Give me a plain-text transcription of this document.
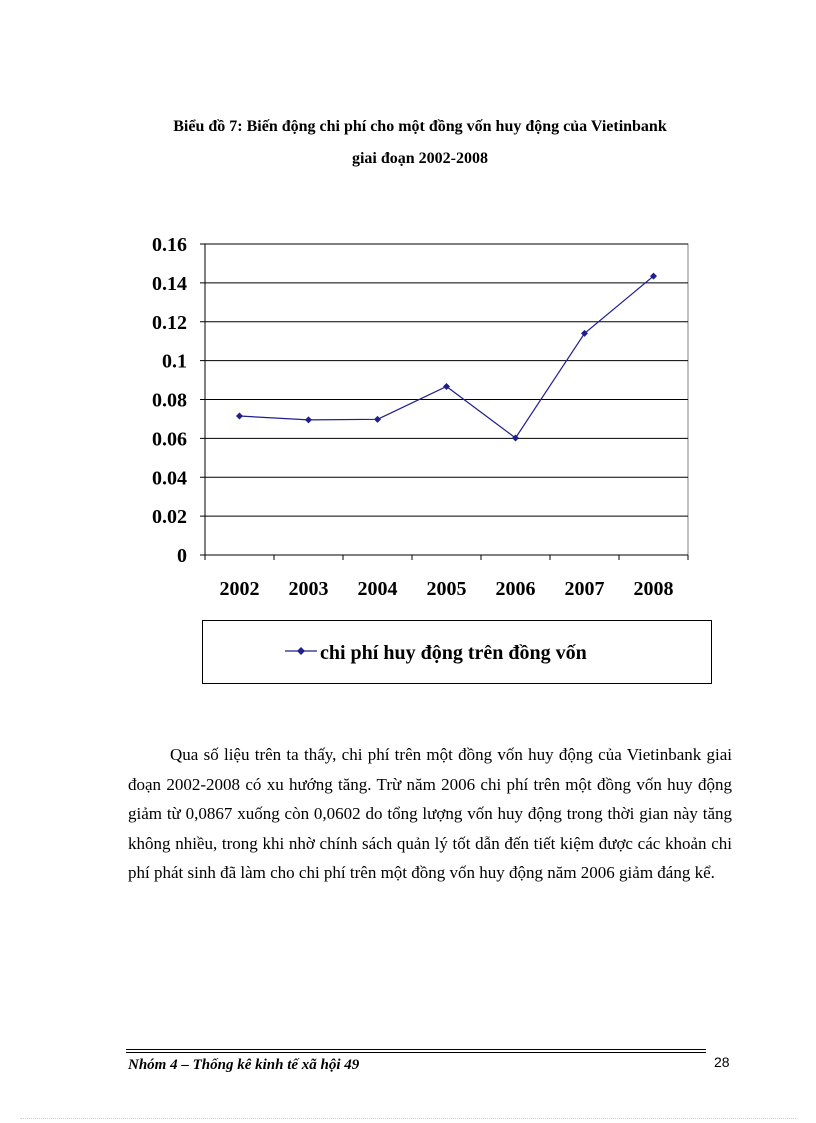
Biểu đồ 7: Biến động chi phí cho một đồng vốn huy động của Vietinbank
giai đoạn 2002-2008
0
0.02
0.04
0.06
0.08
0.1
0.12
0.14
0.16
2002 2003 2004 2005 2006 2007 2008
chi phí huy động trên đồng vốn
Qua số liệu trên ta thấy, chi phí trên một đồng vốn huy động của Vietinbank giai đoạn 2002-2008 có xu hướng tăng. Trừ năm 2006 chi phí trên một đồng vốn huy động giảm từ 0,0867 xuống còn 0,0602 do tổng lượng vốn huy động trong thời gian này tăng không nhiều, trong khi nhờ chính sách quản lý tốt dẫn đến tiết kiệm được các khoản chi phí phát sinh đã làm cho chi phí trên một đồng vốn huy động năm 2006 giảm đáng kể.
Nhóm 4 – Thống kê kinh tế xã hội 49	28
